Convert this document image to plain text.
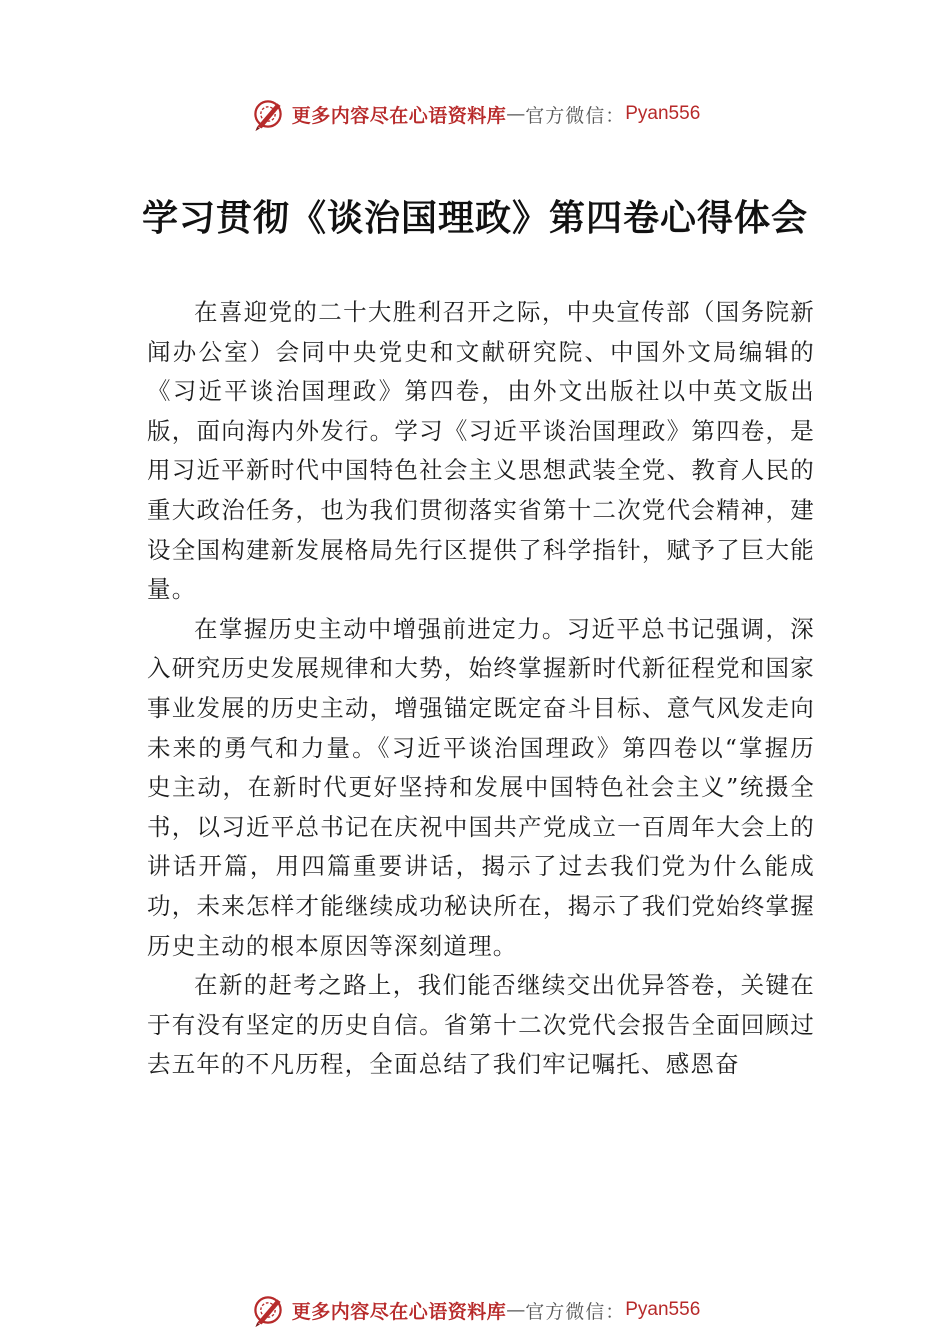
更多内容尽在心语资料库 — 官方微信： Pyan556
学习贯彻《谈治国理政》第四卷心得体会

在喜迎党的二十大胜利召开之际，中央宣传部（国务院新闻办公室）会同中央党史和文献研究院、中国外文局编辑的《习近平谈治国理政》第四卷，由外文出版社以中英文版出版，面向海内外发行。学习《习近平谈治国理政》第四卷，是用习近平新时代中国特色社会主义思想武装全党、教育人民的重大政治任务，也为我们贯彻落实省第十二次党代会精神，建设全国构建新发展格局先行区提供了科学指针，赋予了巨大能量。

在掌握历史主动中增强前进定力。习近平总书记强调，深入研究历史发展规律和大势，始终掌握新时代新征程党和国家事业发展的历史主动，增强锚定既定奋斗目标、意气风发走向未来的勇气和力量。《习近平谈治国理政》第四卷以“掌握历史主动，在新时代更好坚持和发展中国特色社会主义”统摄全书，以习近平总书记在庆祝中国共产党成立一百周年大会上的讲话开篇，用四篇重要讲话，揭示了过去我们党为什么能成功，未来怎样才能继续成功秘诀所在，揭示了我们党始终掌握历史主动的根本原因等深刻道理。

在新的赶考之路上，我们能否继续交出优异答卷，关键在于有没有坚定的历史自信。省第十二次党代会报告全面回顾过去五年的不凡历程，全面总结了我们牢记嘱托、感恩奋

更多内容尽在心语资料库 — 官方微信： Pyan556
